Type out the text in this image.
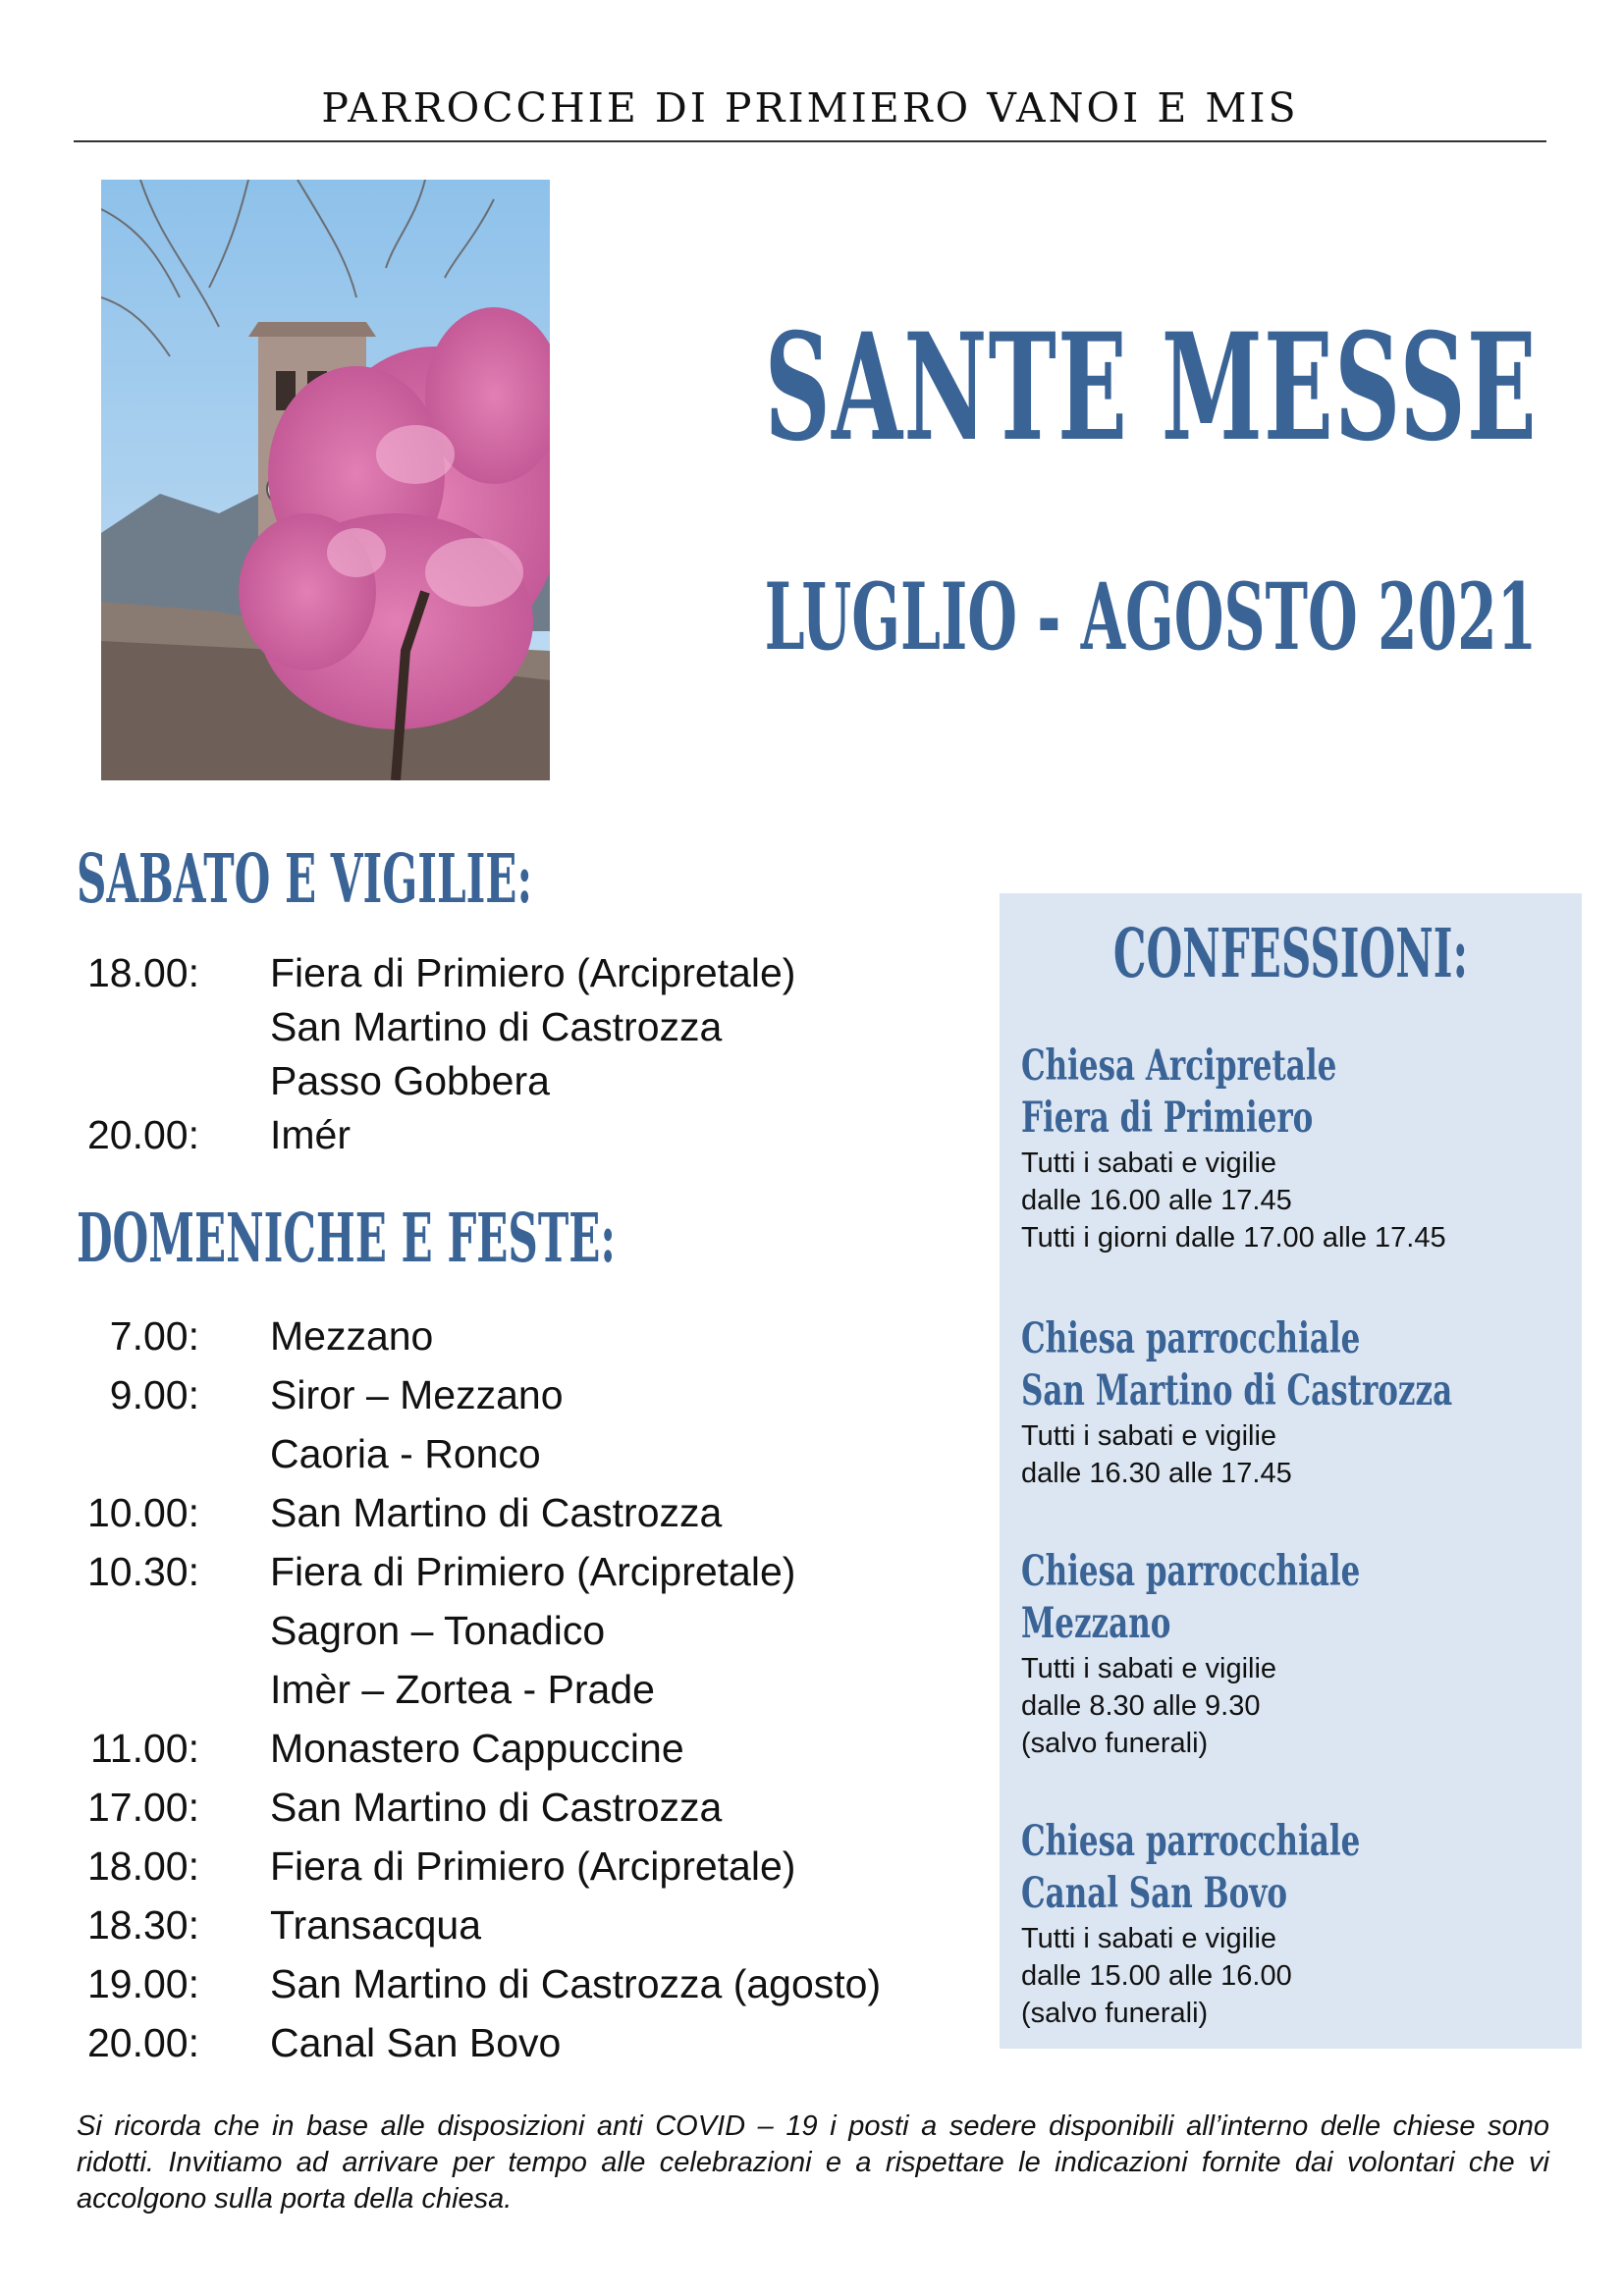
PARROCCHIE DI PRIMIERO VANOI E MIS
SANTE MESSE
LUGLIO - AGOSTO 2021
SABATO E VIGILIE:
18.00: Fiera di Primiero (Arcipretale)
San Martino di Castrozza
Passo Gobbera
20.00: Imér
DOMENICHE E FESTE:
7.00: Mezzano
9.00: Siror – Mezzano
Caoria - Ronco
10.00: San Martino di Castrozza
10.30: Fiera di Primiero (Arcipretale)
Sagron – Tonadico
Imèr – Zortea - Prade
11.00: Monastero Cappuccine
17.00: San Martino di Castrozza
18.00: Fiera di Primiero (Arcipretale)
18.30: Transacqua
19.00: San Martino di Castrozza (agosto)
20.00: Canal San Bovo
CONFESSIONI:
Chiesa Arcipretale
Fiera di Primiero
Tutti i sabati e vigilie
dalle 16.00 alle 17.45
Tutti i giorni dalle 17.00 alle 17.45
Chiesa parrocchiale
San Martino di Castrozza
Tutti i sabati e vigilie
dalle 16.30 alle 17.45
Chiesa parrocchiale
Mezzano
Tutti i sabati e vigilie
dalle 8.30 alle 9.30
(salvo funerali)
Chiesa parrocchiale
Canal San Bovo
Tutti i sabati e vigilie
dalle 15.00 alle 16.00
(salvo funerali)
Si ricorda che in base alle disposizioni anti COVID – 19 i posti a sedere disponibili all’interno delle chiese sono ridotti. Invitiamo ad arrivare per tempo alle celebrazioni e a rispettare le indicazioni fornite dai volontari che vi accolgono sulla porta della chiesa.
